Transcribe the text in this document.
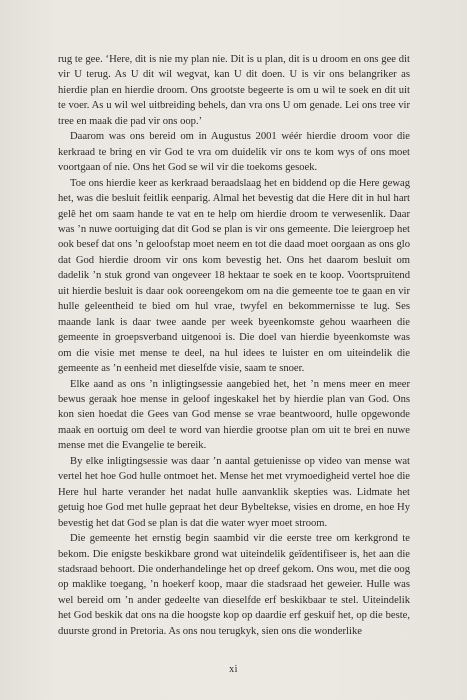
rug te gee. ‘Here, dit is nie my plan nie. Dit is u plan, dit is u droom en ons gee dit vir U terug. As U dit wil wegvat, kan U dit doen. U is vir ons belangriker as hierdie plan en hierdie droom. Ons grootste begeerte is om u wil te soek en dit uit te voer. As u wil wel uitbreiding behels, dan vra ons U om genade. Lei ons tree vir tree en maak die pad vir ons oop.’

Daarom was ons bereid om in Augustus 2001 wéér hierdie droom voor die kerkraad te bring en vir God te vra om duidelik vir ons te kom wys of ons moet voortgaan of nie. Ons het God se wil vir die toekoms gesoek.

Toe ons hierdie keer as kerkraad beraadslaag het en biddend op die Here gewag het, was die besluit feitlik eenparig. Almal het bevestig dat die Here dit in hul hart gelê het om saam hande te vat en te help om hierdie droom te verwesenlik. Daar was ’n nuwe oortuiging dat dit God se plan is vir ons gemeente. Die leiergroep het ook besef dat ons ’n geloofstap moet neem en tot die daad moet oorgaan as ons glo dat God hierdie droom vir ons kom bevestig het. Ons het daarom besluit om dadelik ’n stuk grond van ongeveer 18 hektaar te soek en te koop. Voortspruitend uit hierdie besluit is daar ook ooreengekom om na die gemeente toe te gaan en vir hulle geleentheid te bied om hul vrae, twyfel en bekommernisse te lug. Ses maande lank is daar twee aande per week byeenkomste gehou waarheen die gemeente in groepsverband uitgenooi is. Die doel van hierdie byeenkomste was om die visie met mense te deel, na hul idees te luister en om uiteindelik die gemeente as ’n eenheid met dieselfde visie, saam te snoer.

Elke aand as ons ’n inligtingsessie aangebied het, het ’n mens meer en meer bewus geraak hoe mense in geloof ingeskakel het by hierdie plan van God. Ons kon sien hoedat die Gees van God mense se vrae beantwoord, hulle opgewonde maak en oortuig om deel te word van hierdie grootse plan om uit te brei en nuwe mense met die Evangelie te bereik.

By elke inligtingsessie was daar ’n aantal getuienisse op video van mense wat vertel het hoe God hulle ontmoet het. Mense het met vrymoedigheid vertel hoe die Here hul harte verander het nadat hulle aanvanklik skepties was. Lidmate het getuig hoe God met hulle gepraat het deur Bybeltekse, visies en drome, en hoe Hy bevestig het dat God se plan is dat die water wyer moet stroom.

Die gemeente het ernstig begin saambid vir die eerste tree om kerkgrond te bekom. Die enigste beskikbare grond wat uiteindelik geïdentifiseer is, het aan die stadsraad behoort. Die onderhandelinge het op dreef gekom. Ons wou, met die oog op maklike toegang, ’n hoekerf koop, maar die stadsraad het geweier. Hulle was wel bereid om ’n ander gedeelte van dieselfde erf beskikbaar te stel. Uiteindelik het God beskik dat ons na die hoogste kop op daardie erf geskuif het, op die beste, duurste grond in Pretoria. As ons nou terugkyk, sien ons die wonderlike

xi
